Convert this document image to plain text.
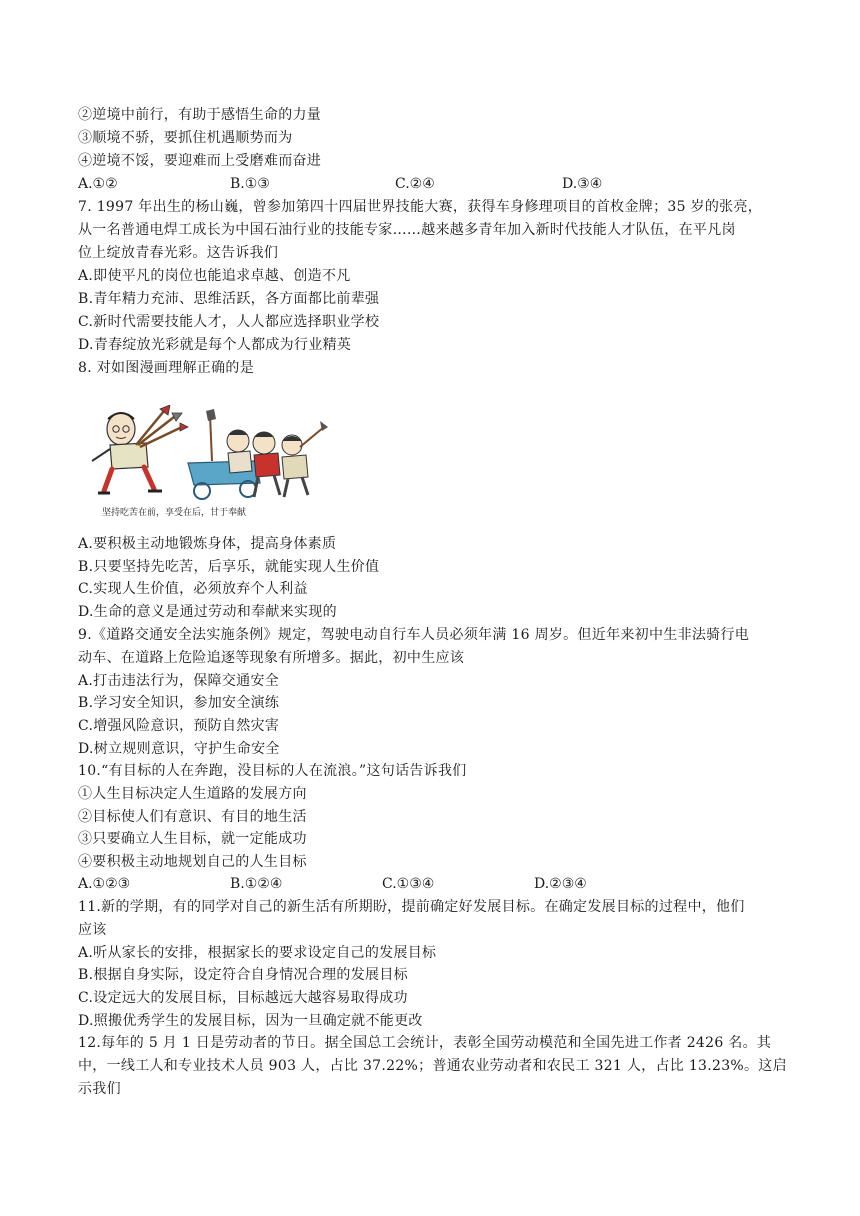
②逆境中前行，有助于感悟生命的力量
③顺境不骄，要抓住机遇顺势而为
④逆境不馁，要迎难而上受磨难而奋进
A.①②	B.①③	C.②④	D.③④
7. 1997 年出生的杨山巍，曾参加第四十四届世界技能大赛，获得车身修理项目的首枚金牌；35 岁的张亮，
从一名普通电焊工成长为中国石油行业的技能专家……越来越多青年加入新时代技能人才队伍，在平凡岗
位上绽放青春光彩。这告诉我们
A.即使平凡的岗位也能追求卓越、创造不凡
B.青年精力充沛、思维活跃，各方面都比前辈强
C.新时代需要技能人才，人人都应选择职业学校
D.青春绽放光彩就是每个人都成为行业精英
8. 对如图漫画理解正确的是
坚持吃苦在前，享受在后，甘于奉献
A.要积极主动地锻炼身体，提高身体素质
B.只要坚持先吃苦，后享乐，就能实现人生价值
C.实现人生价值，必须放弃个人利益
D.生命的意义是通过劳动和奉献来实现的
9.《道路交通安全法实施条例》规定，驾驶电动自行车人员必须年满 16 周岁。但近年来初中生非法骑行电
动车、在道路上危险追逐等现象有所增多。据此，初中生应该
A.打击违法行为，保障交通安全
B.学习安全知识，参加安全演练
C.增强风险意识，预防自然灾害
D.树立规则意识，守护生命安全
10.“有目标的人在奔跑，没目标的人在流浪。”这句话告诉我们
①人生目标决定人生道路的发展方向
②目标使人们有意识、有目的地生活
③只要确立人生目标，就一定能成功
④要积极主动地规划自己的人生目标
A.①②③	B.①②④	C.①③④	D.②③④
11.新的学期，有的同学对自己的新生活有所期盼，提前确定好发展目标。在确定发展目标的过程中，他们
应该
A.听从家长的安排，根据家长的要求设定自己的发展目标
B.根据自身实际，设定符合自身情况合理的发展目标
C.设定远大的发展目标，目标越远大越容易取得成功
D.照搬优秀学生的发展目标，因为一旦确定就不能更改
12.每年的 5 月 1 日是劳动者的节日。据全国总工会统计，表彰全国劳动模范和全国先进工作者 2426 名。其
中，一线工人和专业技术人员 903 人，占比 37.22%；普通农业劳动者和农民工 321 人，占比 13.23%。这启
示我们
